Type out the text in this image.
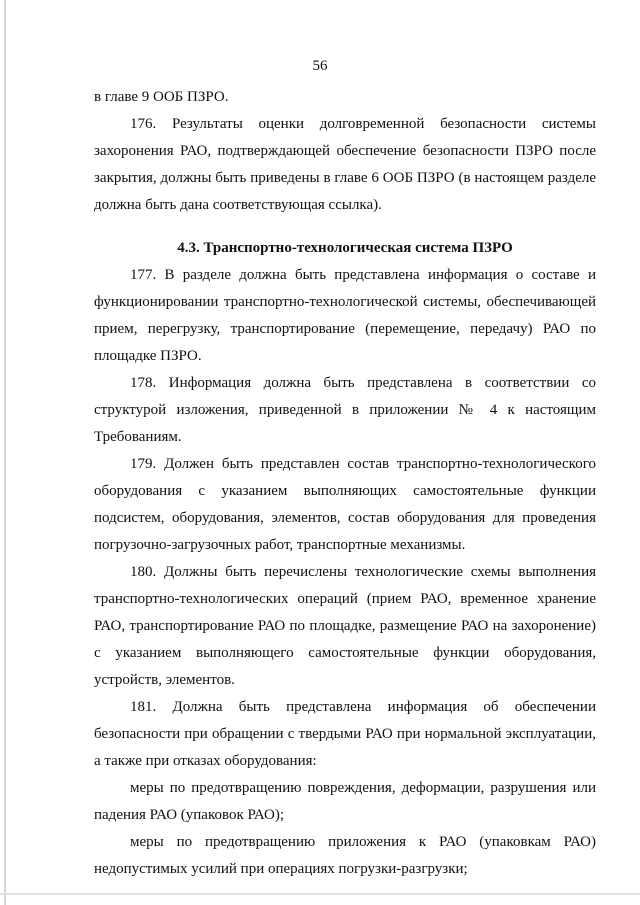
56

в главе 9 ООБ ПЗРО.

176. Результаты оценки долговременной безопасности системы захоронения РАО, подтверждающей обеспечение безопасности ПЗРО после закрытия, должны быть приведены в главе 6 ООБ ПЗРО (в настоящем разделе должна быть дана соответствующая ссылка).

4.3. Транспортно-технологическая система ПЗРО

177. В разделе должна быть представлена информация о составе и функционировании транспортно-технологической системы, обеспечивающей прием, перегрузку, транспортирование (перемещение, передачу) РАО по площадке ПЗРО.

178. Информация должна быть представлена в соответствии со структурой изложения, приведенной в приложении № 4 к настоящим Требованиям.

179. Должен быть представлен состав транспортно-технологического оборудования с указанием выполняющих самостоятельные функции подсистем, оборудования, элементов, состав оборудования для проведения погрузочно-загрузочных работ, транспортные механизмы.

180. Должны быть перечислены технологические схемы выполнения транспортно-технологических операций (прием РАО, временное хранение РАО, транспортирование РАО по площадке, размещение РАО на захоронение) с указанием выполняющего самостоятельные функции оборудования, устройств, элементов.

181. Должна быть представлена информация об обеспечении безопасности при обращении с твердыми РАО при нормальной эксплуатации, а также при отказах оборудования:

меры по предотвращению повреждения, деформации, разрушения или падения РАО (упаковок РАО);

меры по предотвращению приложения к РАО (упаковкам РАО) недопустимых усилий при операциях погрузки-разгрузки;
